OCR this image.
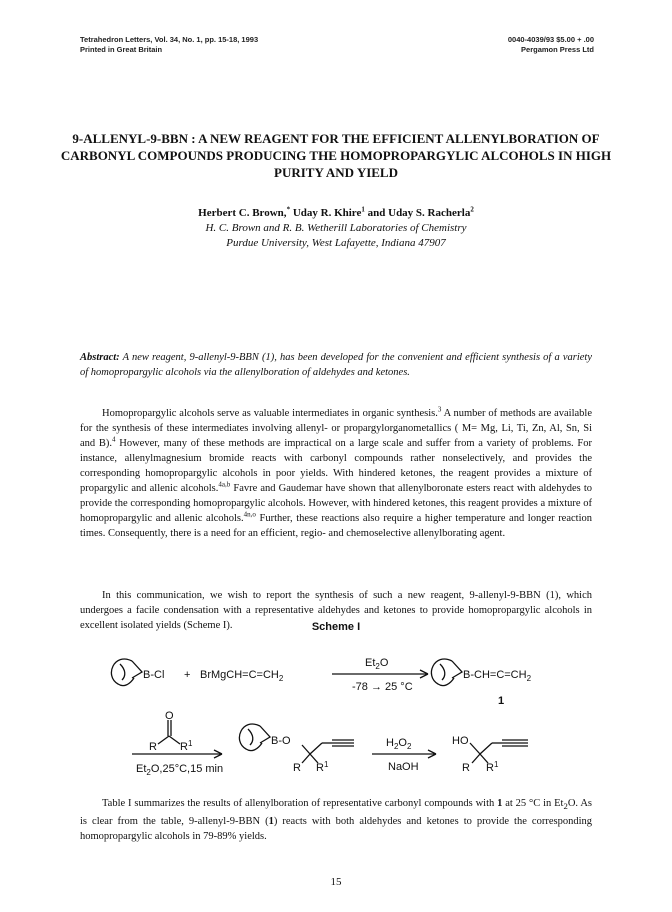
Tetrahedron Letters, Vol. 34, No. 1, pp. 15-18, 1993
Printed in Great Britain
0040-4039/93 $5.00 + .00
Pergamon Press Ltd
9-ALLENYL-9-BBN : A NEW REAGENT FOR THE EFFICIENT ALLENYLBORATION OF CARBONYL COMPOUNDS PRODUCING THE HOMOPROPARGYLIC ALCOHOLS IN HIGH PURITY AND YIELD
Herbert C. Brown,* Uday R. Khire$^1$ and Uday S. Racherla$^2$
H. C. Brown and R. B. Wetherill Laboratories of Chemistry
Purdue University, West Lafayette, Indiana 47907

Abstract: A new reagent, 9-allenyl-9-BBN (1), has been developed for the convenient and efficient synthesis of a variety of homopropargylic alcohols via the allenylboration of aldehydes and ketones.

Homopropargylic alcohols serve as valuable intermediates in organic synthesis.$^3$ A number of methods are available for the synthesis of these intermediates involving allenyl- or propargylorganometallics ( M= Mg, Li, Ti, Zn, Al, Sn, Si and B).$^4$ However, many of these methods are impractical on a large scale and suffer from a variety of problems. For instance, allenylmagnesium bromide reacts with carbonyl compounds rather nonselectively, and provides the corresponding homopropargylic alcohols in poor yields. With hindered ketones, the reagent provides a mixture of propargylic and allenic alcohols.$^{4a,b}$ Favre and Gaudemar have shown that allenylboronate esters react with aldehydes to provide the corresponding homopropargylic alcohols. However, with hindered ketones, this reagent provides a mixture of homopropargylic and allenic alcohols.$^{4n,o}$ Further, these reactions also require a higher temperature and longer reaction times. Consequently, there is a need for an efficient, regio- and chemoselective allenylborating agent.

In this communication, we wish to report the synthesis of such a new reagent, 9-allenyl-9-BBN (1), which undergoes a facile condensation with a representative aldehydes and ketones to provide homopropargylic alcohols in excellent isolated yields (Scheme I).	Scheme I
$B-Cl + BrMgCH=C=CH_2$
$Et_2O$
-78 → 25 °C
$B-CH=C=CH_2$
1
O
R $R^1$
$Et_2O,25^\circ C,15$ min
B-O
R $R^1$
$H_2O_2$
NaOH
HO
R $R^1$

Table I summarizes the results of allenylboration of representative carbonyl compounds with 1 at 25 °C in $Et_2O$. As is clear from the table, 9-allenyl-9-BBN (1) reacts with both aldehydes and ketones to provide the corresponding homopropargylic alcohols in 79-89% yields.

15
